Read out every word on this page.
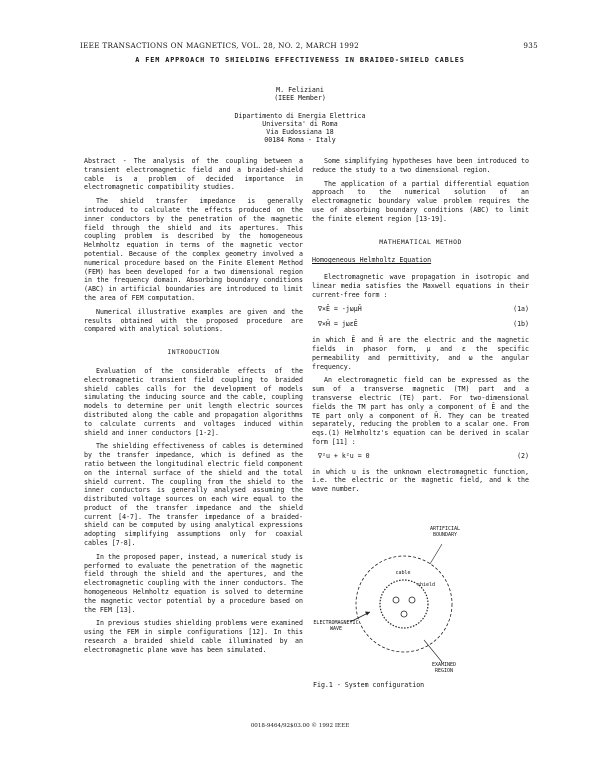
IEEE TRANSACTIONS ON MAGNETICS, VOL. 28, NO. 2, MARCH 1992	935
A FEM APPROACH TO SHIELDING EFFECTIVENESS IN BRAIDED-SHIELD CABLES
M. Feliziani
(IEEE Member)
Dipartimento di Energia Elettrica
Universita' di Roma
Via Eudossiana 18
00184 Roma - Italy

Abstract - The analysis of the coupling between a transient electromagnetic field and a braided-shield cable is a problem of decided importance in electromagnetic compatibility studies.

The shield transfer impedance is generally introduced to calculate the effects produced on the inner conductors by the penetration of the magnetic field through the shield and its apertures. This coupling problem is described by the homogeneous Helmholtz equation in terms of the magnetic vector potential. Because of the complex geometry involved a numerical procedure based on the Finite Element Method (FEM) has been developed for a two dimensional region in the frequency domain. Absorbing boundary conditions (ABC) in artificial boundaries are introduced to limit the area of FEM computation.

Numerical illustrative examples are given and the results obtained with the proposed procedure are compared with analytical solutions.

INTRODUCTION

Evaluation of the considerable effects of the electromagnetic transient field coupling to braided shield cables calls for the development of models simulating the inducing source and the cable, coupling models to determine per unit length electric sources distributed along the cable and propagation algorithms to calculate currents and voltages induced within shield and inner conductors [1-2].

The shielding effectiveness of cables is determined by the transfer impedance, which is defined as the ratio between the longitudinal electric field component on the internal surface of the shield and the total shield current. The coupling from the shield to the inner conductors is generally analysed assuming the distributed voltage sources on each wire equal to the product of the transfer impedance and the shield current [4-7]. The transfer impedance of a braided-shield can be computed by using analytical expressions adopting simplifying assumptions only for coaxial cables [7-8].

In the proposed paper, instead, a numerical study is performed to evaluate the penetration of the magnetic field through the shield and the apertures, and the electromagnetic coupling with the inner conductors. The homogeneous Helmholtz equation is solved to determine the magnetic vector potential by a procedure based on the FEM [13].

In previous studies shielding problems were examined using the FEM in simple configurations [12]. In this research a braided shield cable illuminated by an electromagnetic plane wave has been simulated.

Some simplifying hypotheses have been introduced to reduce the study to a two dimensional region.

The application of a partial differential equation approach to the numerical solution of an electromagnetic boundary value problem requires the use of absorbing boundary conditions (ABC) to limit the finite element region [13-19].

MATHEMATICAL METHOD
Homogeneous Helmholtz Equation

Electromagnetic wave propagation in isotropic and linear media satisfies the Maxwell equations in their current-free form :

∇×Ē = -jωμH̄	(1a)
∇×H̄ = jωεĒ	(1b)

in which Ē and H̄ are the electric and the magnetic fields in phasor form, μ and ε the specific permeability and permittivity, and ω the angular frequency.

An electromagnetic field can be expressed as the sum of a transverse magnetic (TM) part and a transverse electric (TE) part. For two-dimensional fields the TM part has only a component of Ē and the TE part only a component of H̄. They can be treated separately, reducing the problem to a scalar one. From eqs.(1) Helmholtz's equation can be derived in scalar form [11] :

∇²u + k²u = 0	(2)

in which u is the unknown electromagnetic function, i.e. the electric or the magnetic field, and k the wave number.

ARTIFICIAL BOUNDARY
cable
shield
ELECTROMAGNETIC WAVE
EXAMINED REGION
Fig.1 - System configuration
0018-9464/92$03.00 © 1992 IEEE
